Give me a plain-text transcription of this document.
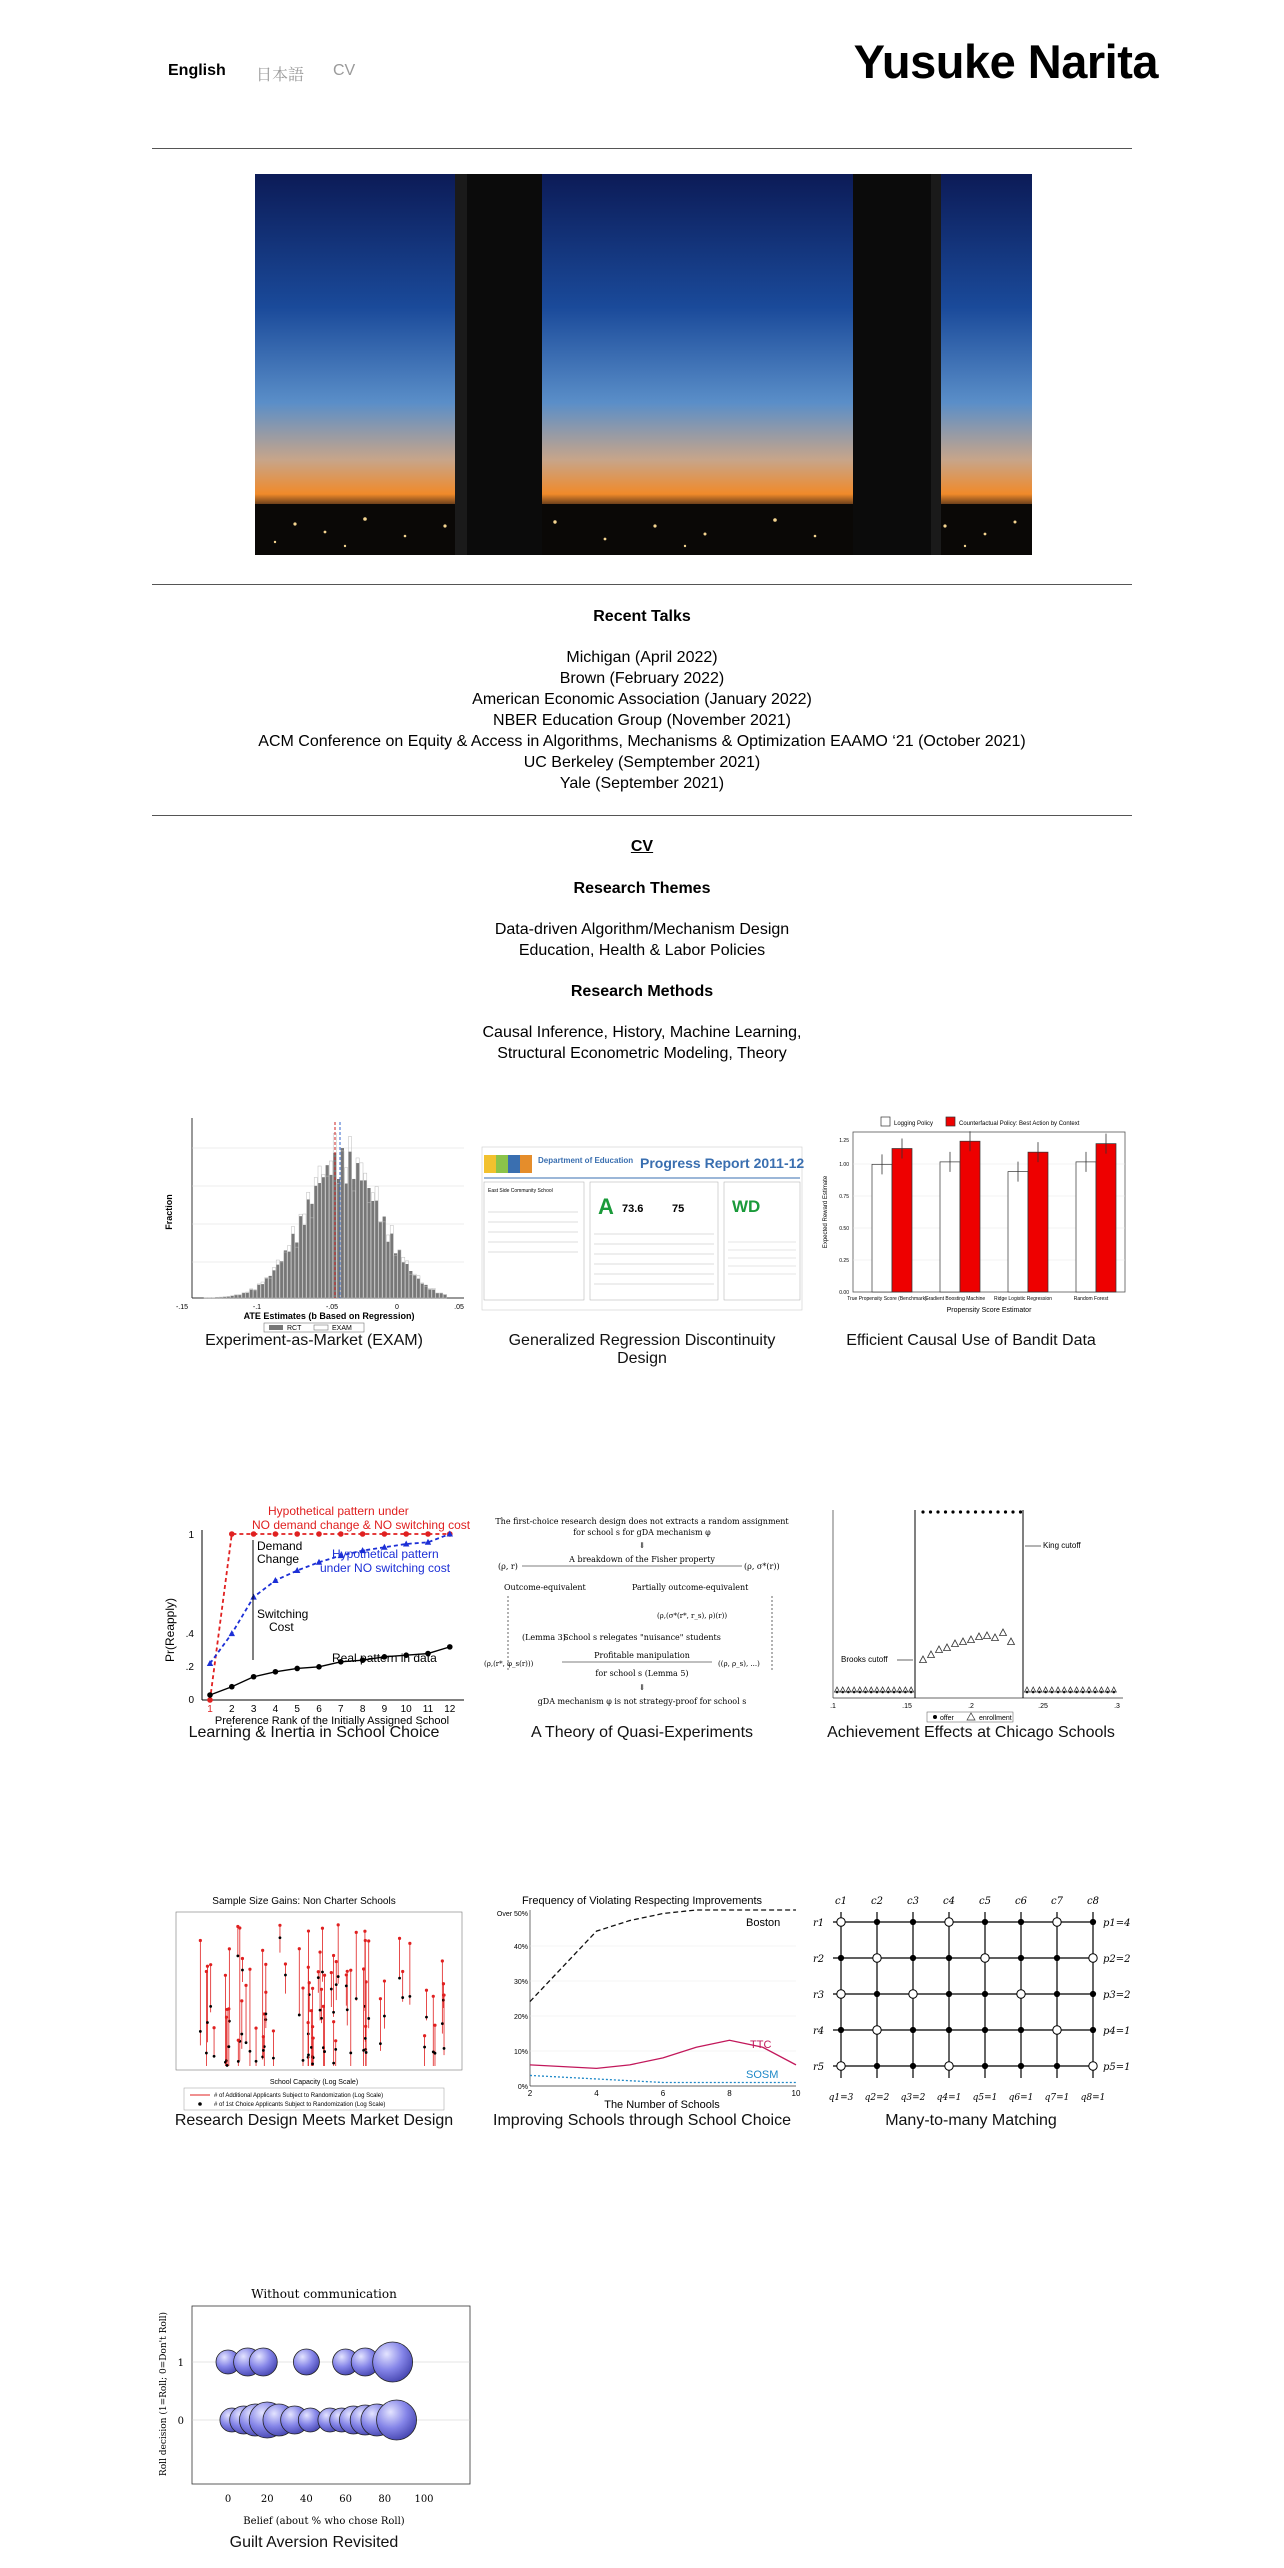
English 日本語 CV	Yusuke Narita
Recent Talks
Michigan (April 2022)
Brown (February 2022)
American Economic Association (January 2022)
NBER Education Group (November 2021)
ACM Conference on Equity & Access in Algorithms, Mechanisms & Optimization EAAMO ‘21 (October 2021)
UC Berkeley (Semptember 2021)
Yale (September 2021)
CV
Research Themes
Data-driven Algorithm/Mechanism Design
Education, Health & Labor Policies
Research Methods
Causal Inference, History, Machine Learning,
Structural Econometric Modeling, Theory
Fraction
-.15	-.1	-.05	0	.05
ATE Estimates (b Based on Regression)
RCT	EXAM
Experiment-as-Market (EXAM)
Department of Education Progress Report 2011-12
East Side Community School
A 73.6	75	WD
Generalized Regression Discontinuity Design
Logging Policy	Counterfactual Policy: Best Action by Context
0.00
0.25
0.50
0.75
1.00
1.25
Expected Reward Estimate
True Propensity Score (Benchmark)
Gradient Boosting Machine Ridge Logistic Regression	Random Forest
Propensity Score Estimator
Efficient Causal Use of Bandit Data
0
.2
.4
1
Pr(Reapply)
Hypothetical pattern under
NO demand change & NO switching cost
Demand
Change	Hypothetical pattern
under NO switching cost
Switching
Cost
Real pattern in data
1 2 3 4 5 6 7 8 9 10 11 12
Preference Rank of the Initially Assigned School
Learning & Inertia in School Choice
The first-choice research design does not extracts a random assignment
for school s for gDA mechanism φ
⇓
A breakdown of the Fisher property
(ρ, r)	(ρ, σ*(r))
Outcome-equivalent	Partially outcome-equivalent
(ρ,(σ*(r*, r_s), ρ)(r))
(Lemma 3)
School s relegates "nuisance" students
Profitable manipulation
(ρ,(r*, φ_s(r)))	((ρ, ρ_s), ...)
for school s (Lemma 5)
⇓
gDA mechanism φ is not strategy-proof for school s
A Theory of Quasi-Experiments
King cutoff
Brooks cutoff
.1	.15	.2	.25	.3
offer	enrollment
Achievement Effects at Chicago Schools
Sample Size Gains: Non Charter Schools
School Capacity (Log Scale)
# of Additional Applicants Subject to Randomization (Log Scale)
# of 1st Choice Applicants Subject to Randomization (Log Scale)
Research Design Meets Market Design
Frequency of Violating Respecting Improvements
0%
10%
20%
30%
40%
Over 50%
Boston
TTC
SOSM
2	4	6	8	10
The Number of Schools
Improving Schools through School Choice
c1 c2 c3 c4 c5 c6 c7 c8
r1
r2
r3
r4
r5
p1=4
p2=2
p3=2
p4=1
p5=1
q1=3 q2=2 q3=2 q4=1 q5=1 q6=1 q7=1 q8=1
Many-to-many Matching
Without communication
1
0
Roll decision (1=Roll; 0=Don't Roll)
0	20	40	60	80 100
Belief (about % who chose Roll)
Guilt Aversion Revisited
